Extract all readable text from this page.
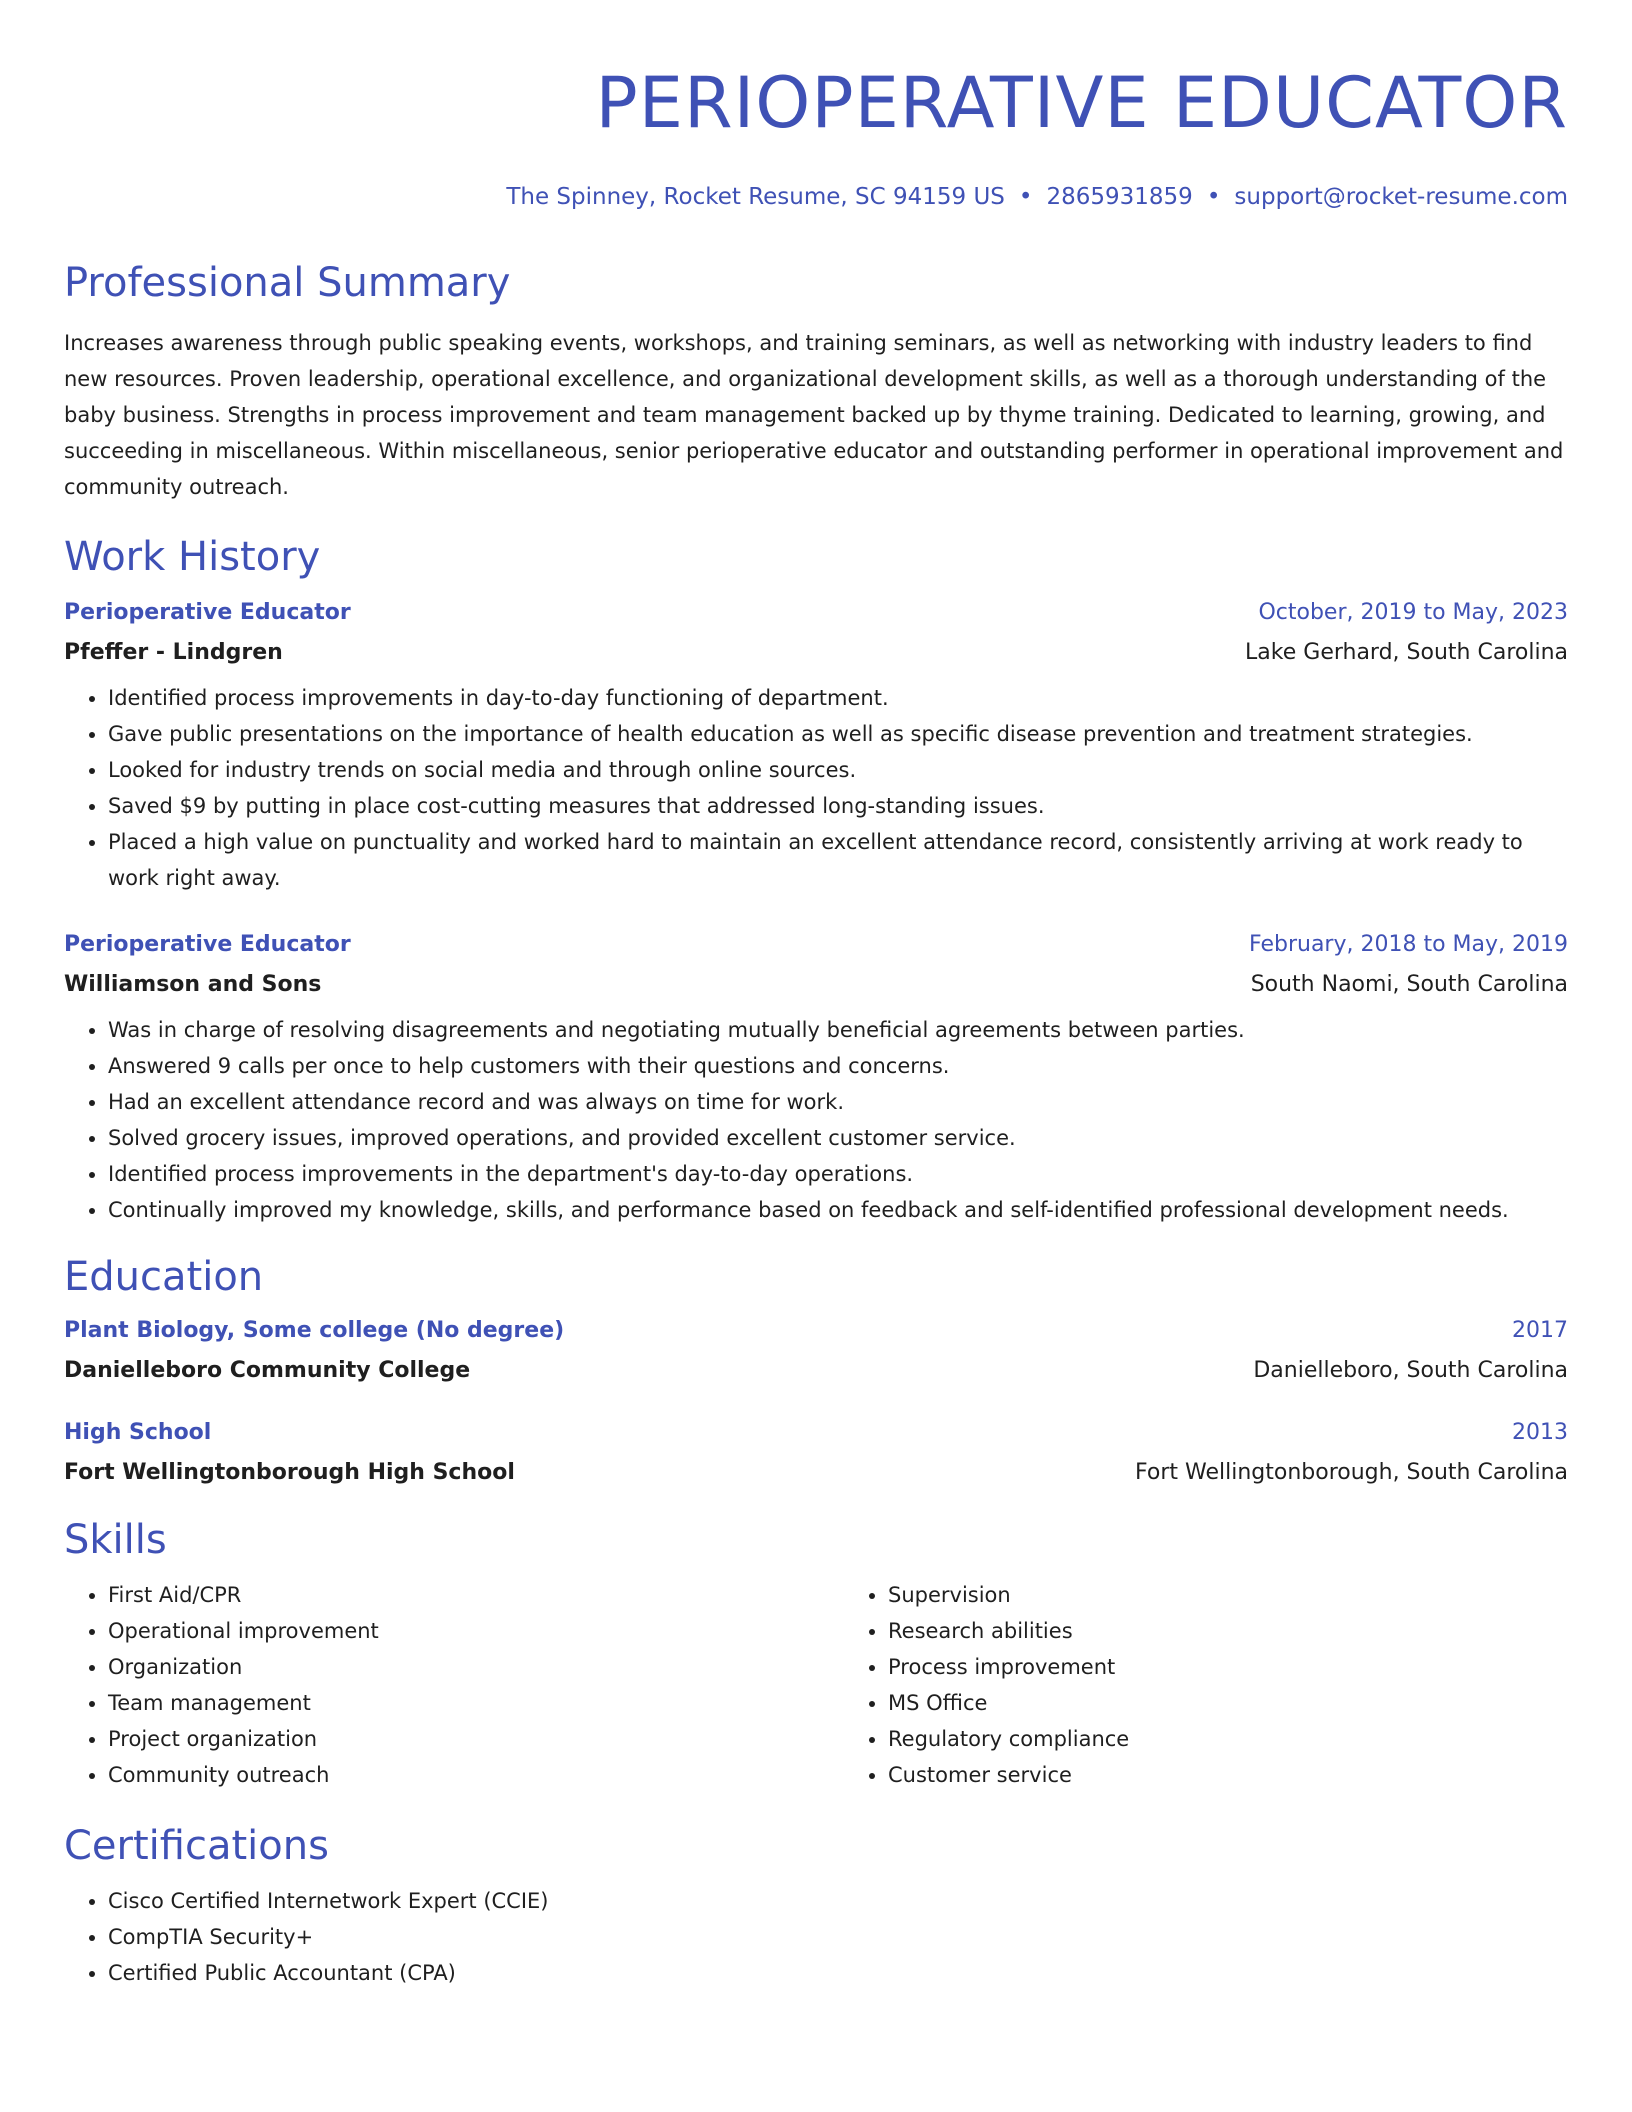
PERIOPERATIVE EDUCATOR
The Spinney, Rocket Resume, SC 94159 US • 2865931859 • support@rocket-resume.com
Professional Summary
Increases awareness through public speaking events, workshops, and training seminars, as well as networking with industry leaders to find new resources. Proven leadership, operational excellence, and organizational development skills, as well as a thorough understanding of the baby business. Strengths in process improvement and team management backed up by thyme training. Dedicated to learning, growing, and succeeding in miscellaneous. Within miscellaneous, senior perioperative educator and outstanding performer in operational improvement and community outreach.
Work History
Perioperative Educator	October, 2019 to May, 2023
Pfeffer - Lindgren	Lake Gerhard, South Carolina
• Identified process improvements in day-to-day functioning of department.
• Gave public presentations on the importance of health education as well as specific disease prevention and treatment strategies.
• Looked for industry trends on social media and through online sources.
• Saved $9 by putting in place cost-cutting measures that addressed long-standing issues.
• Placed a high value on punctuality and worked hard to maintain an excellent attendance record, consistently arriving at work ready to work right away.
Perioperative Educator	February, 2018 to May, 2019
Williamson and Sons	South Naomi, South Carolina
• Was in charge of resolving disagreements and negotiating mutually beneficial agreements between parties.
• Answered 9 calls per once to help customers with their questions and concerns.
• Had an excellent attendance record and was always on time for work.
• Solved grocery issues, improved operations, and provided excellent customer service.
• Identified process improvements in the department's day-to-day operations.
• Continually improved my knowledge, skills, and performance based on feedback and self-identified professional development needs.
Education
Plant Biology, Some college (No degree)	2017
Danielleboro Community College	Danielleboro, South Carolina
High School	2013
Fort Wellingtonborough High School	Fort Wellingtonborough, South Carolina
Skills
• First Aid/CPR
• Operational improvement
• Organization
• Team management
• Project organization
• Community outreach
• Supervision
• Research abilities
• Process improvement
• MS Office
• Regulatory compliance
• Customer service
Certifications
• Cisco Certified Internetwork Expert (CCIE)
• CompTIA Security+
• Certified Public Accountant (CPA)
